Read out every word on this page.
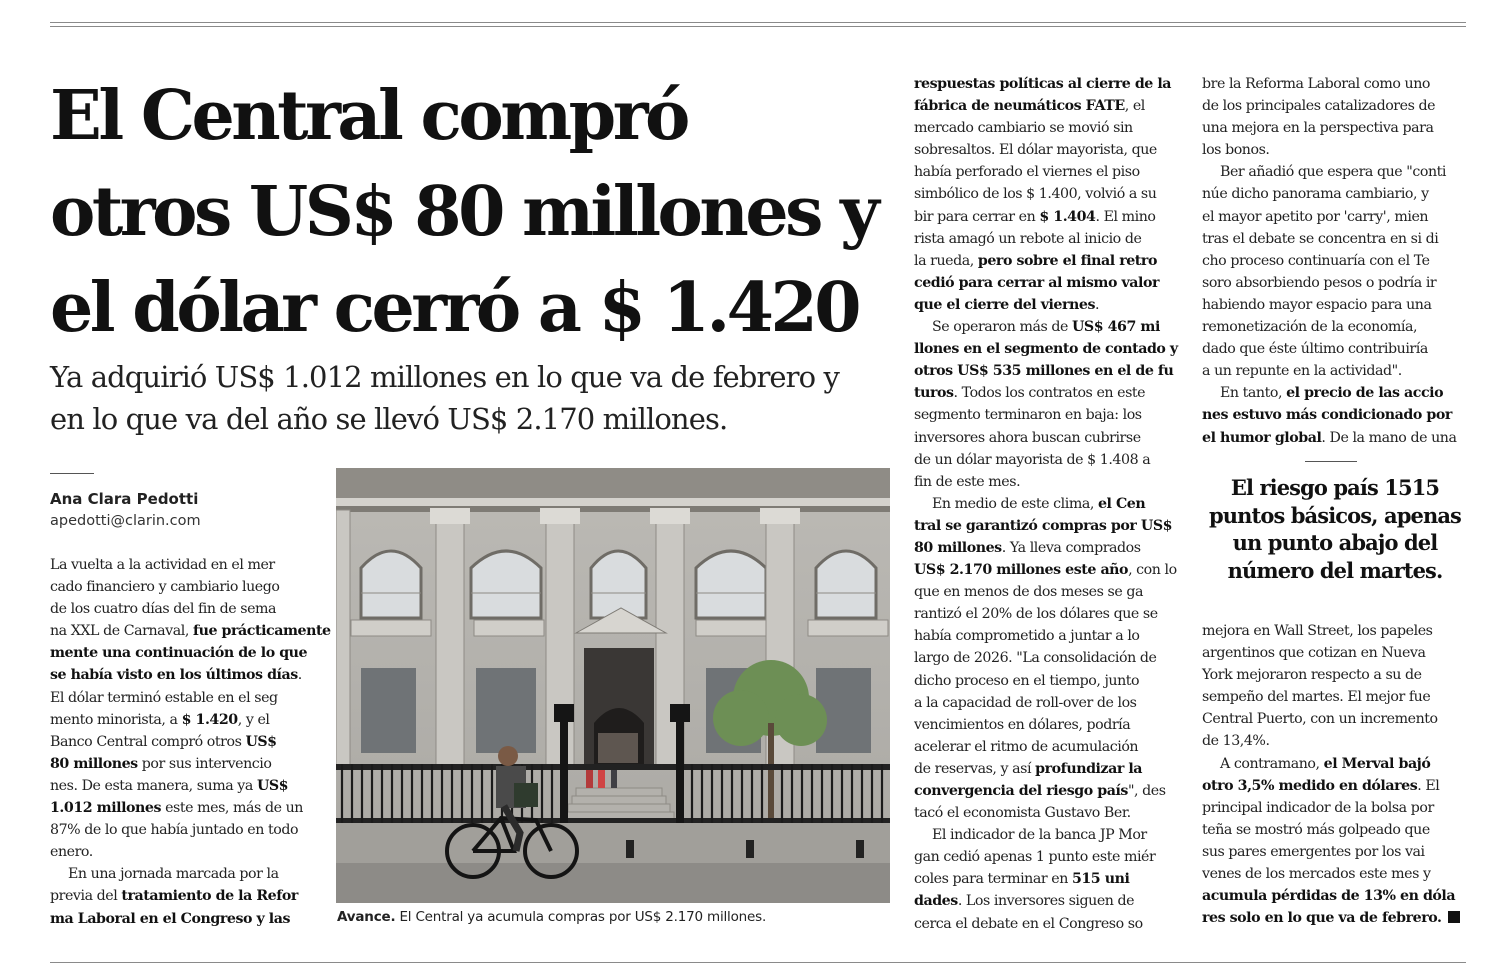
El Central compró
otros US$ 80 millones y
el dólar cerró a $ 1.420
Ya adquirió US$ 1.012 millones en lo que va de febrero y
en lo que va del año se llevó US$ 2.170 millones.
Ana Clara Pedotti
apedotti@clarin.com
La vuelta a la actividad en el mer
cado financiero y cambiario luego
de los cuatro días del fin de sema
na XXL de Carnaval, fue prácticamente
mente una continuación de lo que
se había visto en los últimos días.
El dólar terminó estable en el seg
mento minorista, a $ 1.420, y el
Banco Central compró otros US$
80 millones por sus intervencio
nes. De esta manera, suma ya US$
1.012 millones este mes, más de un
87% de lo que había juntado en todo
enero.
En una jornada marcada por la
previa del tratamiento de la Refor
ma Laboral en el Congreso y las	Avance. El Central ya acumula compras por US$ 2.170 millones.
respuestas políticas al cierre de la
fábrica de neumáticos FATE, el
mercado cambiario se movió sin
sobresaltos. El dólar mayorista, que
había perforado el viernes el piso
simbólico de los $ 1.400, volvió a su
bir para cerrar en $ 1.404. El mino
rista amagó un rebote al inicio de
la rueda, pero sobre el final retro
cedió para cerrar al mismo valor
que el cierre del viernes.
Se operaron más de US$ 467 mi
llones en el segmento de contado y
otros US$ 535 millones en el de fu
turos. Todos los contratos en este
segmento terminaron en baja: los
inversores ahora buscan cubrirse
de un dólar mayorista de $ 1.408 a
fin de este mes.
En medio de este clima, el Cen
tral se garantizó compras por US$
80 millones. Ya lleva comprados
US$ 2.170 millones este año, con lo
que en menos de dos meses se ga
rantizó el 20% de los dólares que se
había comprometido a juntar a lo
largo de 2026. "La consolidación de
dicho proceso en el tiempo, junto
a la capacidad de roll-over de los
vencimientos en dólares, podría
acelerar el ritmo de acumulación
de reservas, y así profundizar la
convergencia del riesgo país", des
tacó el economista Gustavo Ber.
El indicador de la banca JP Mor
gan cedió apenas 1 punto este miér
coles para terminar en 515 uni
dades. Los inversores siguen de
cerca el debate en el Congreso so
bre la Reforma Laboral como uno
de los principales catalizadores de
una mejora en la perspectiva para
los bonos.
Ber añadió que espera que "conti
núe dicho panorama cambiario, y
el mayor apetito por 'carry', mien
tras el debate se concentra en si di
cho proceso continuaría con el Te
soro absorbiendo pesos o podría ir
habiendo mayor espacio para una
remonetización de la economía,
dado que éste último contribuiría
a un repunte en la actividad".
En tanto, el precio de las accio
nes estuvo más condicionado por
el humor global. De la mano de una
El riesgo país 1515
puntos básicos, apenas
un punto abajo del
número del martes.
mejora en Wall Street, los papeles
argentinos que cotizan en Nueva
York mejoraron respecto a su de
sempeño del martes. El mejor fue
Central Puerto, con un incremento
de 13,4%.
A contramano, el Merval bajó
otro 3,5% medido en dólares. El
principal indicador de la bolsa por
teña se mostró más golpeado que
sus pares emergentes por los vai
venes de los mercados este mes y
acumula pérdidas de 13% en dóla
res solo en lo que va de febrero.
